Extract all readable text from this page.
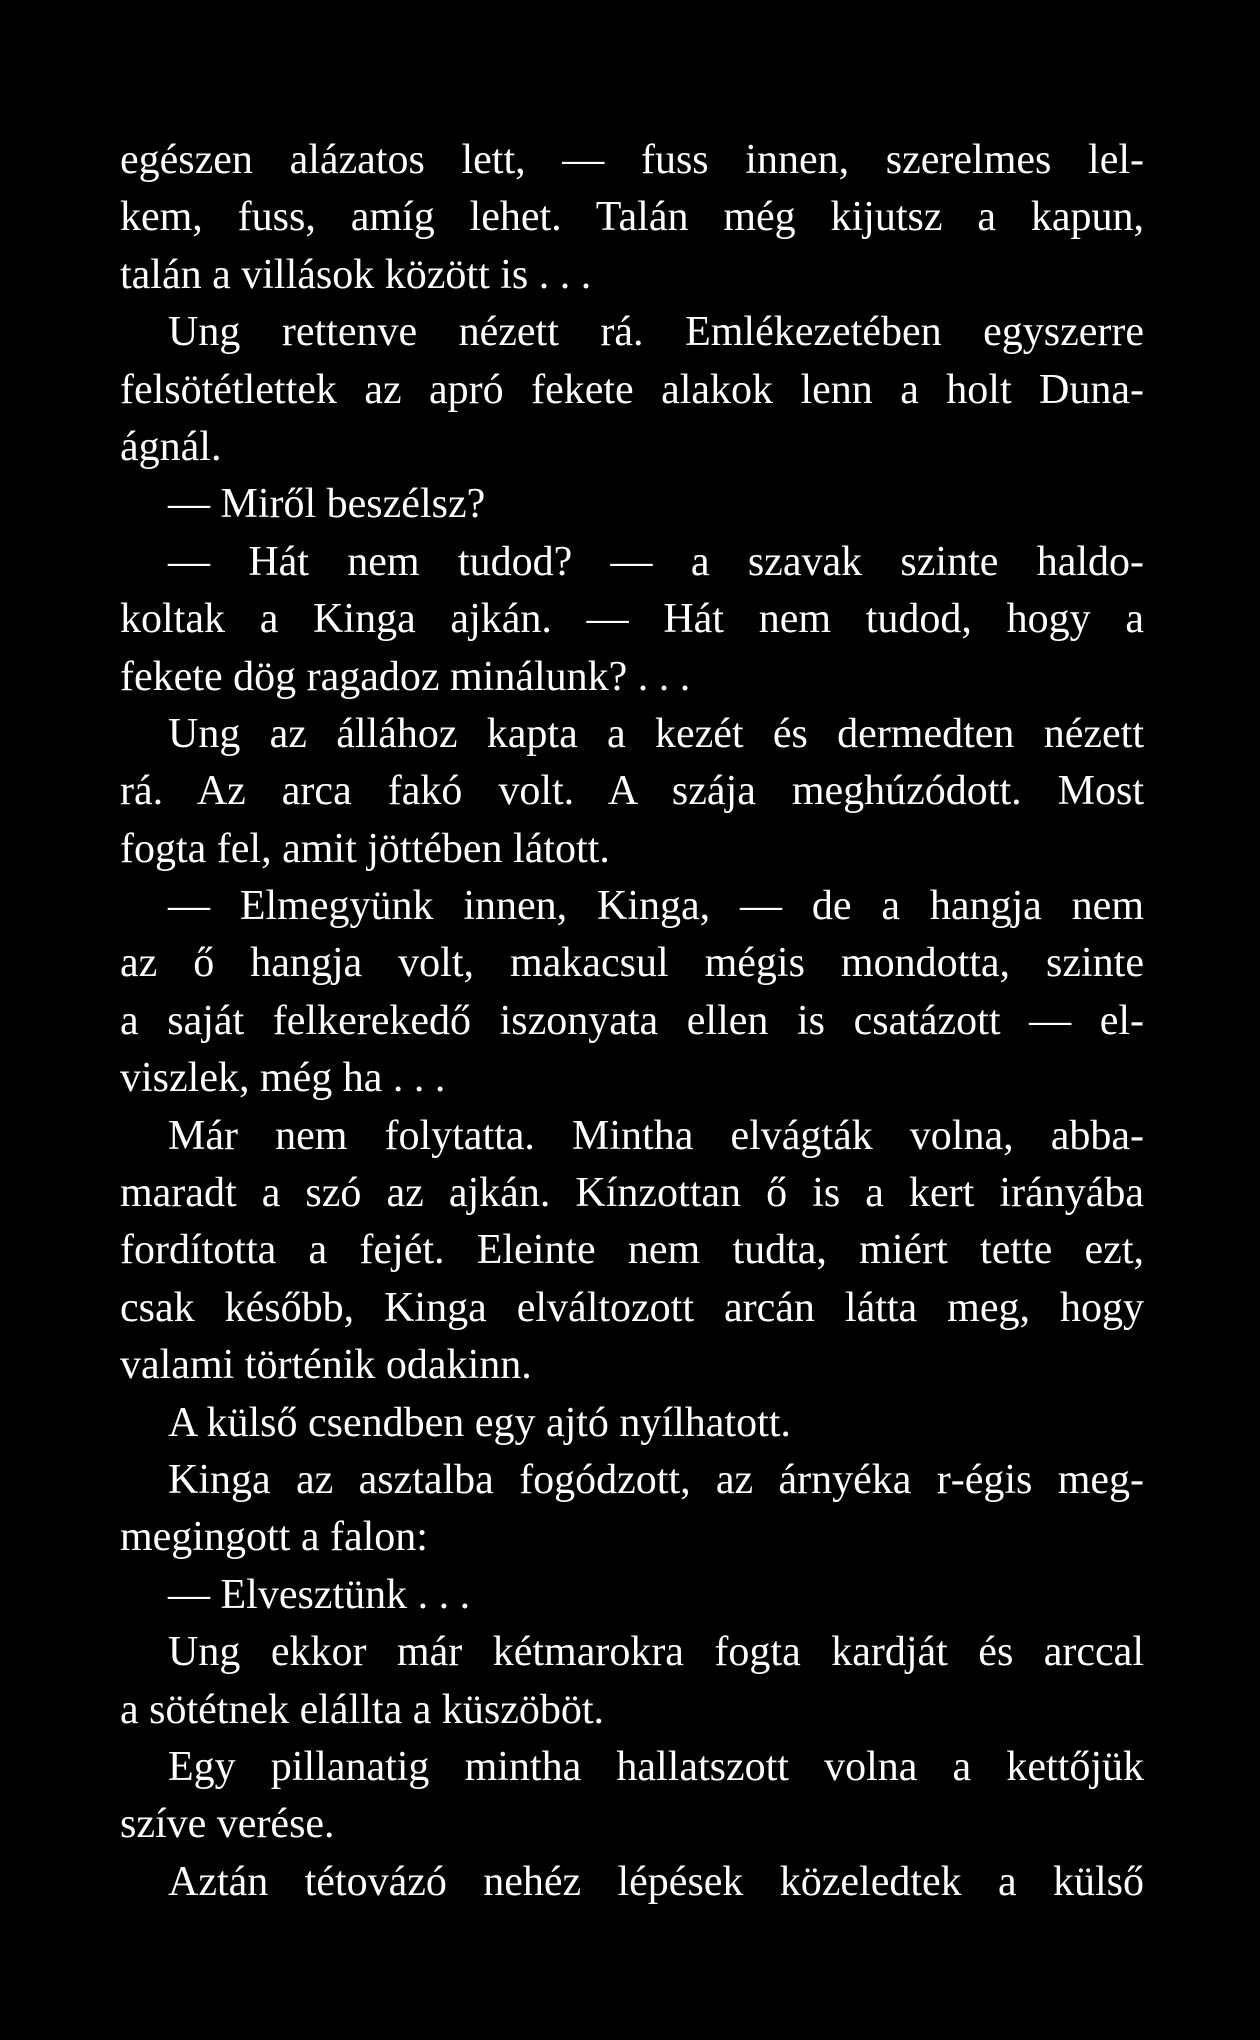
egészen alázatos lett, — fuss innen, szerelmes lel-
kem, fuss, amíg lehet. Talán még kijutsz a kapun,
talán a villások között is . . .
Ung rettenve nézett rá. Emlékezetében egyszerre
felsötétlettek az apró fekete alakok lenn a holt Duna-
ágnál.
— Miről beszélsz?
— Hát nem tudod? — a szavak szinte haldo-
koltak a Kinga ajkán. — Hát nem tudod, hogy a
fekete dög ragadoz minálunk? . . .
Ung az állához kapta a kezét és dermedten nézett
rá. Az arca fakó volt. A szája meghúzódott. Most
fogta fel, amit jöttében látott.
— Elmegyünk innen, Kinga, — de a hangja nem
az ő hangja volt, makacsul mégis mondotta, szinte
a saját felkerekedő iszonyata ellen is csatázott — el-
viszlek, még ha . . .
Már nem folytatta. Mintha elvágták volna, abba-
maradt a szó az ajkán. Kínzottan ő is a kert irányába
fordította a fejét. Eleinte nem tudta, miért tette ezt,
csak később, Kinga elváltozott arcán látta meg, hogy
valami történik odakinn.
A külső csendben egy ajtó nyílhatott.
Kinga az asztalba fogódzott, az árnyéka r‑égis meg-
megingott a falon:
— Elvesztünk . . .
Ung ekkor már kétmarokra fogta kardját és arccal
a sötétnek elállta a küszöböt.
Egy pillanatig mintha hallatszott volna a kettőjük
szíve verése.
Aztán tétovázó nehéz lépések közeledtek a külső
